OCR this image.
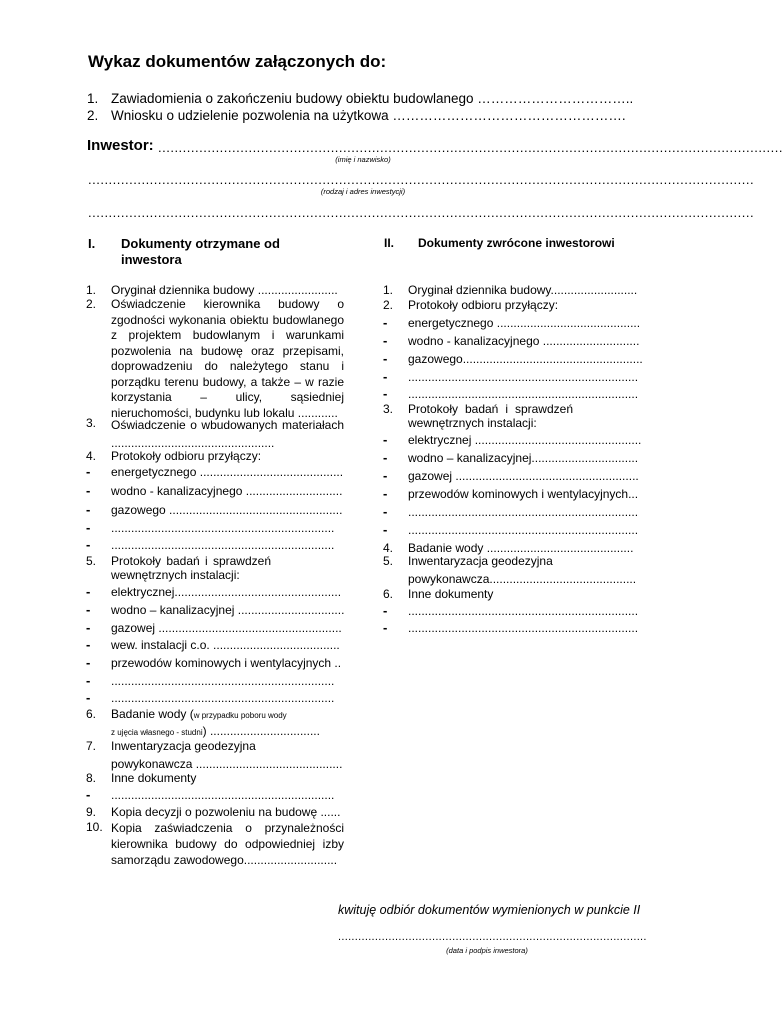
Wykaz dokumentów załączonych do:
1. Zawiadomienia o zakończeniu budowy obiektu budowlanego ……………………………..
2. Wniosku o udzielenie pozwolenia na użytkowa …………………………………………….
Inwestor: ........................................................................................................................................................
(imię i nazwisko)
..................................................................................................................................................................
(rodzaj i adres inwestycji)
..................................................................................................................................................................
I. Dokumenty otrzymane od inwestora
II. Dokumenty zwrócone inwestorowi
1. Oryginał dziennika budowy ........................
2. Oświadczenie kierownika budowy o zgodności wykonania obiektu budowlanego z projektem budowlanym i warunkami pozwolenia na budowę oraz przepisami, doprowadzeniu do należytego stanu i porządku terenu budowy, a także – w razie korzystania – ulicy, sąsiedniej nieruchomości, budynku lub lokalu ............
3. Oświadczenie o wbudowanych materiałach .................................................
4. Protokoły odbioru przyłączy:
- energetycznego ...........................................
- wodno - kanalizacyjnego .............................
- gazowego ....................................................
- ...................................................................
- ...................................................................
5. Protokoły badań i sprawdzeń wewnętrznych instalacji:
- elektrycznej..................................................
- wodno – kanalizacyjnej ................................
- gazowej .......................................................
- wew. instalacji c.o. ......................................
- przewodów kominowych i wentylacyjnych ..
- ...................................................................
- ...................................................................
6. Badanie wody (w przypadku poboru wody
z ujęcia własnego - studni) .................................
7. Inwentaryzacja geodezyjna
powykonawcza ............................................
8. Inne dokumenty
- ...................................................................
9. Kopia decyzji o pozwoleniu na budowę ......
10. Kopia zaświadczenia o przynależności kierownika budowy do odpowiedniej izby samorządu zawodowego............................
1. Oryginał dziennika budowy..........................
2. Protokoły odbioru przyłączy:
- energetycznego ...........................................
- wodno - kanalizacyjnego .............................
- gazowego......................................................
- .....................................................................
- .....................................................................
3. Protokoły badań i sprawdzeń wewnętrznych instalacji:
- elektrycznej ..................................................
- wodno – kanalizacyjnej................................
- gazowej .......................................................
- przewodów kominowych i wentylacyjnych...
- .....................................................................
- .....................................................................
4. Badanie wody ............................................
5. Inwentaryzacja geodezyjna
powykonawcza............................................
6. Inne dokumenty
- .....................................................................
- .....................................................................
kwituję odbiór dokumentów wymienionych w punkcie II
............................................................................................
(data i podpis inwestora)
